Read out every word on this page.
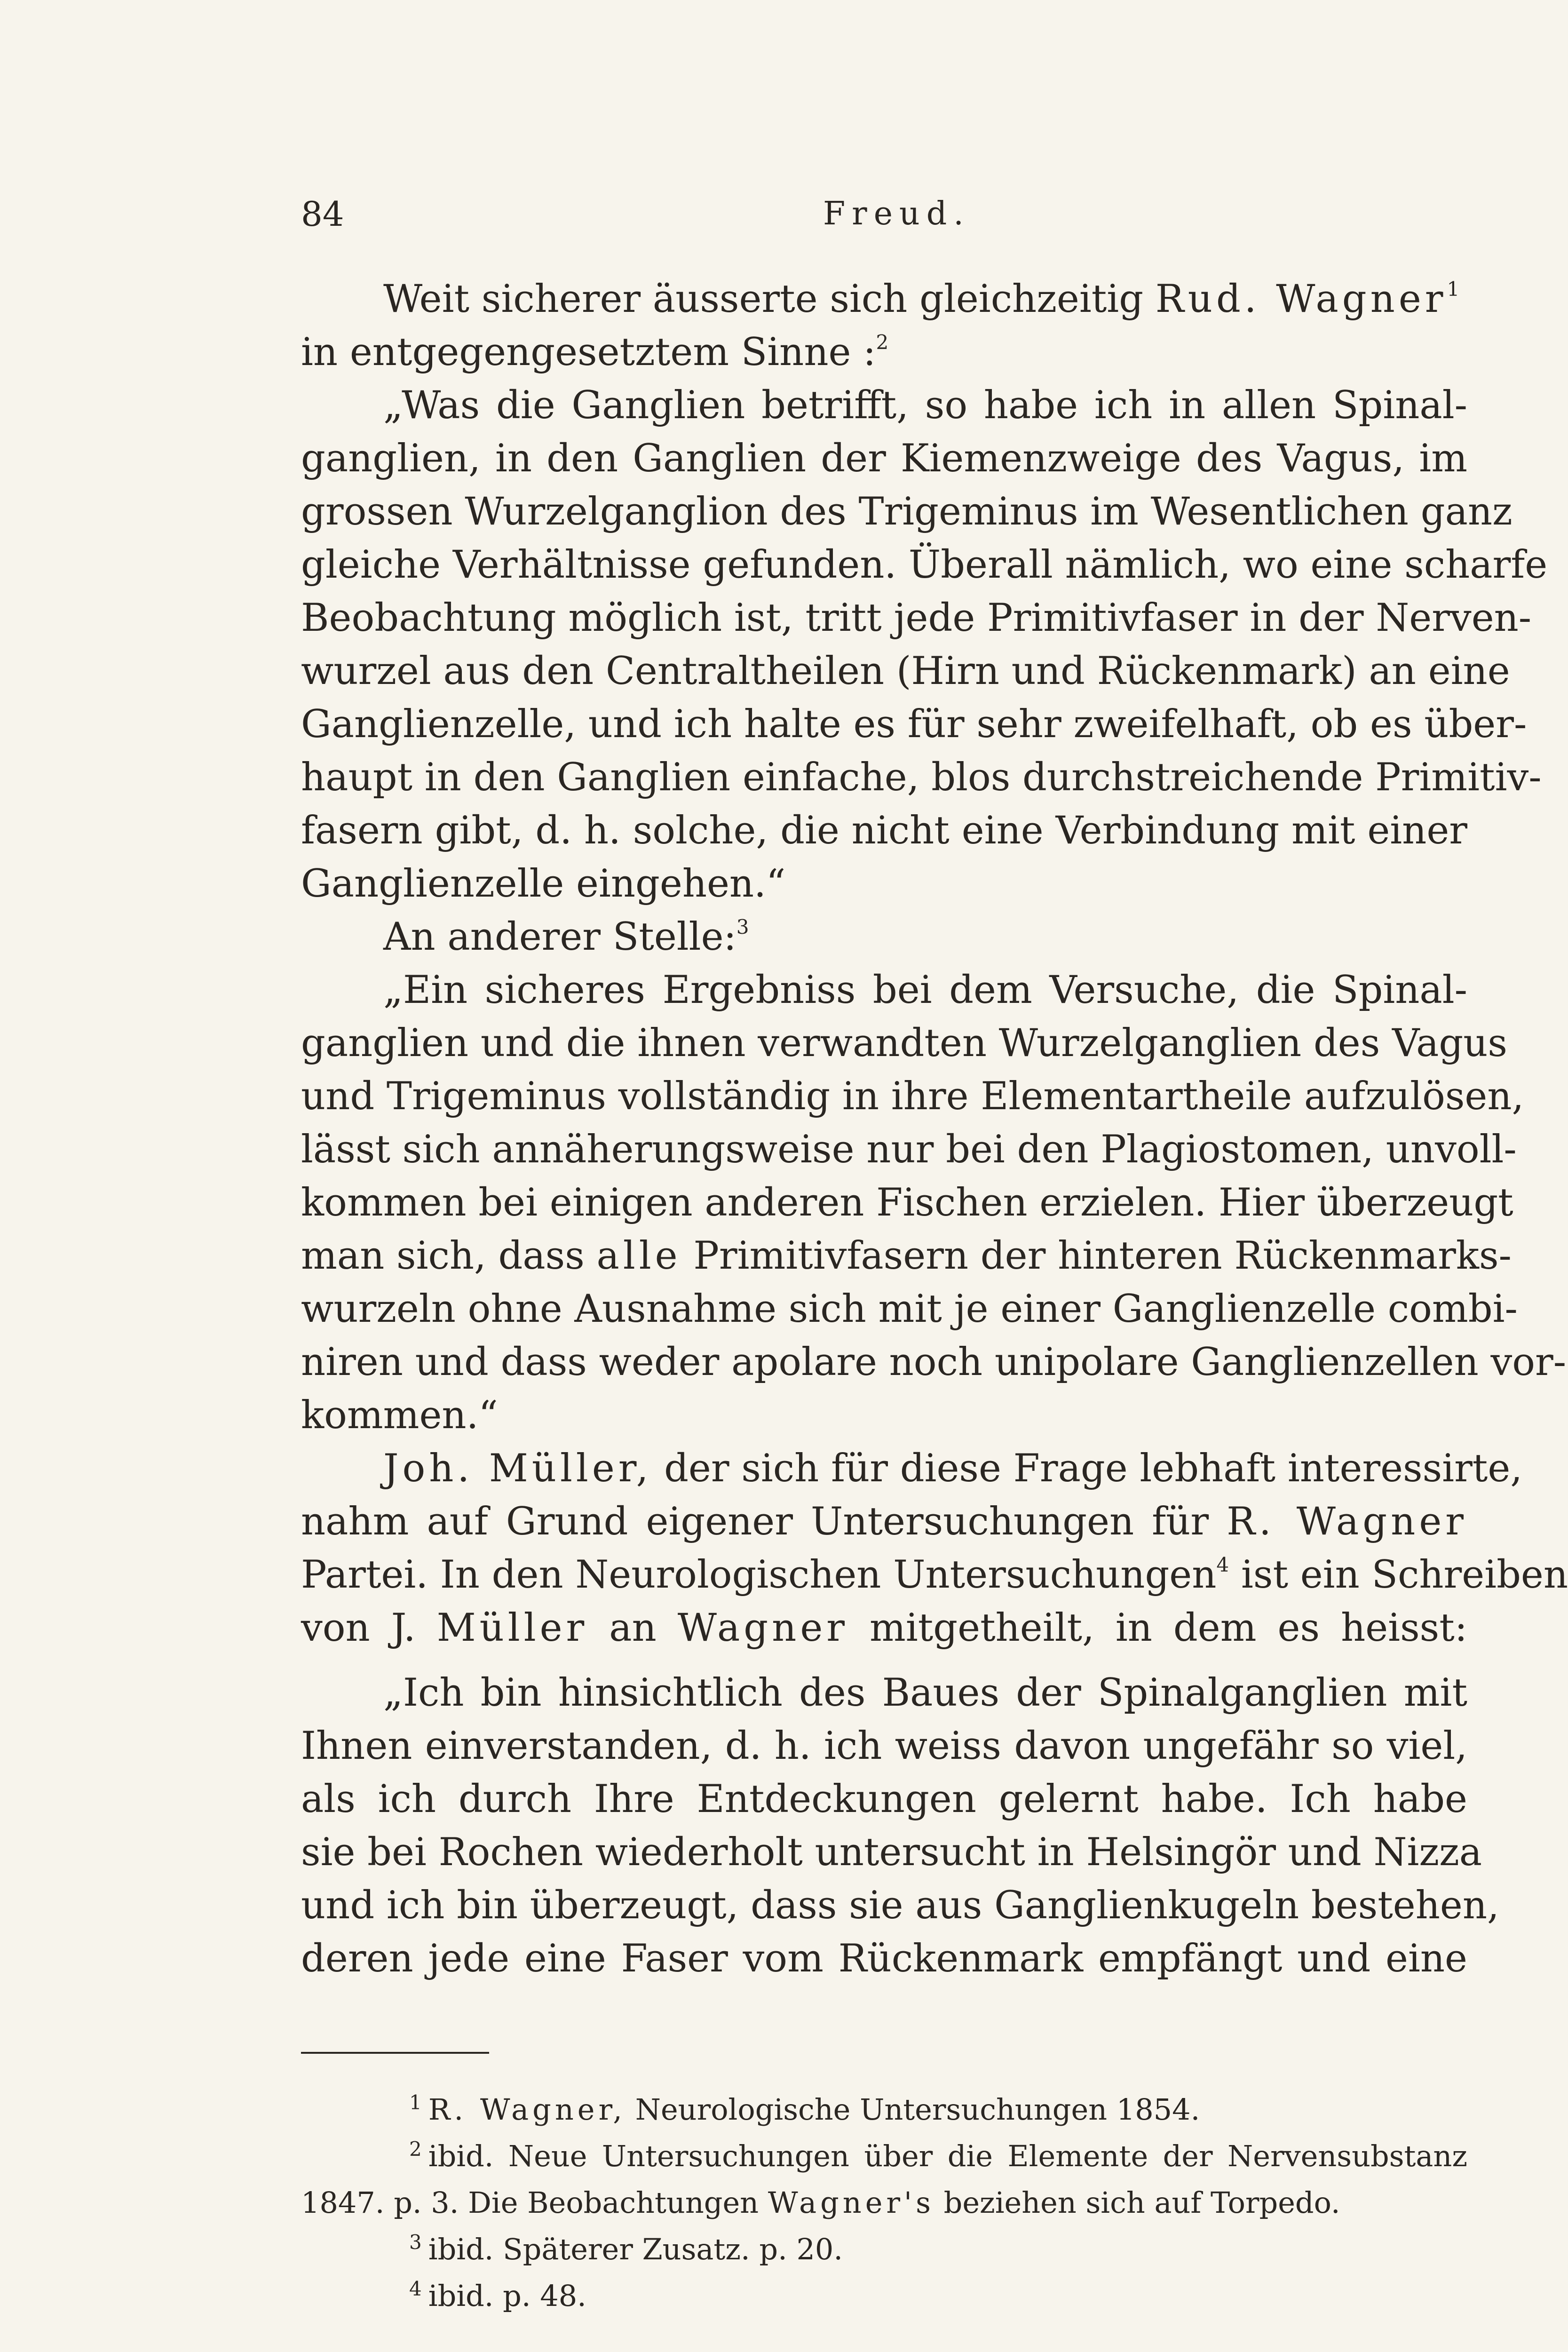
84	Freud.
Weit sicherer äusserte sich gleichzeitig Rud. Wagner$^1$
in entgegengesetztem Sinne :$^2$
„Was die Ganglien betrifft, so habe ich in allen Spinal-
ganglien, in den Ganglien der Kiemenzweige des Vagus, im
grossen Wurzelganglion des Trigeminus im Wesentlichen ganz
gleiche Verhältnisse gefunden. Überall nämlich, wo eine scharfe
Beobachtung möglich ist, tritt jede Primitivfaser in der Nerven-
wurzel aus den Centraltheilen (Hirn und Rückenmark) an eine
Ganglienzelle, und ich halte es für sehr zweifelhaft, ob es über-
haupt in den Ganglien einfache, blos durchstreichende Primitiv-
fasern gibt, d. h. solche, die nicht eine Verbindung mit einer
Ganglienzelle eingehen.“
An anderer Stelle:$^3$
„Ein sicheres Ergebniss bei dem Versuche, die Spinal-
ganglien und die ihnen verwandten Wurzelganglien des Vagus
und Trigeminus vollständig in ihre Elementartheile aufzulösen,
lässt sich annäherungsweise nur bei den Plagiostomen, unvoll-
kommen bei einigen anderen Fischen erzielen. Hier überzeugt
man sich, dass alle Primitivfasern der hinteren Rückenmarks-
wurzeln ohne Ausnahme sich mit je einer Ganglienzelle combi-
niren und dass weder apolare noch unipolare Ganglienzellen vor-
kommen.“
Joh. Müller, der sich für diese Frage lebhaft interessirte,
nahm auf Grund eigener Untersuchungen für R. Wagner
Partei. In den Neurologischen Untersuchungen$^4$ ist ein Schreiben
von J. Müller an Wagner mitgetheilt, in dem es heisst:
„Ich bin hinsichtlich des Baues der Spinalganglien mit
Ihnen einverstanden, d. h. ich weiss davon ungefähr so viel,
als ich durch Ihre Entdeckungen gelernt habe. Ich habe
sie bei Rochen wiederholt untersucht in Helsingör und Nizza
und ich bin überzeugt, dass sie aus Ganglienkugeln bestehen,
deren jede eine Faser vom Rückenmark empfängt und eine
$^1$ R. Wagner, Neurologische Untersuchungen 1854.
$^2$ ibid. Neue Untersuchungen über die Elemente der Nervensubstanz
1847. p. 3. Die Beobachtungen Wagner's beziehen sich auf Torpedo.
$^3$ ibid. Späterer Zusatz. p. 20.
$^4$ ibid. p. 48.
